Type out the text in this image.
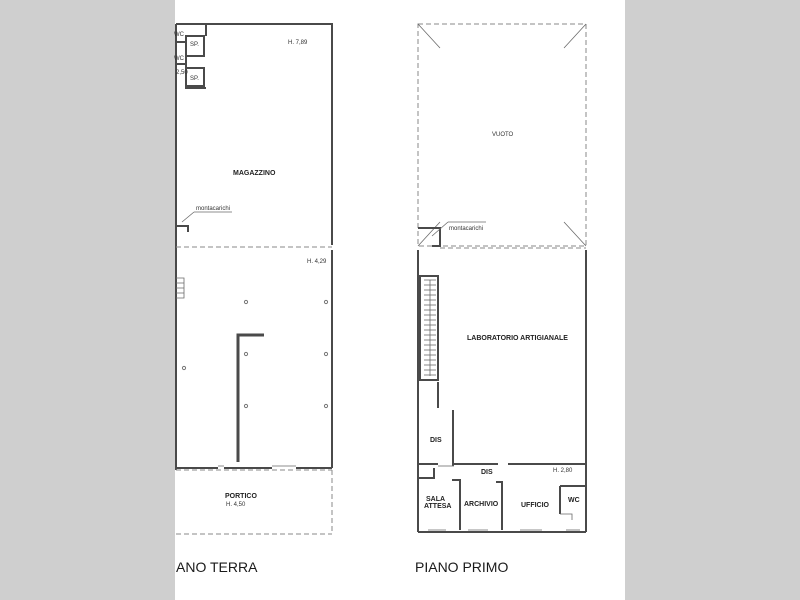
WC
SP.
WC
2,50
SP.
H. 7,89
MAGAZZINO
montacarichi
H. 4,29
PORTICO
H. 4,50
VUOTO
montacarichi
LABORATORIO ARTIGIANALE
DIS
DIS	H. 2,80
SALA
ATTESA ARCHIVIO	UFFICIO
WC
ANO TERRA	PIANO PRIMO
